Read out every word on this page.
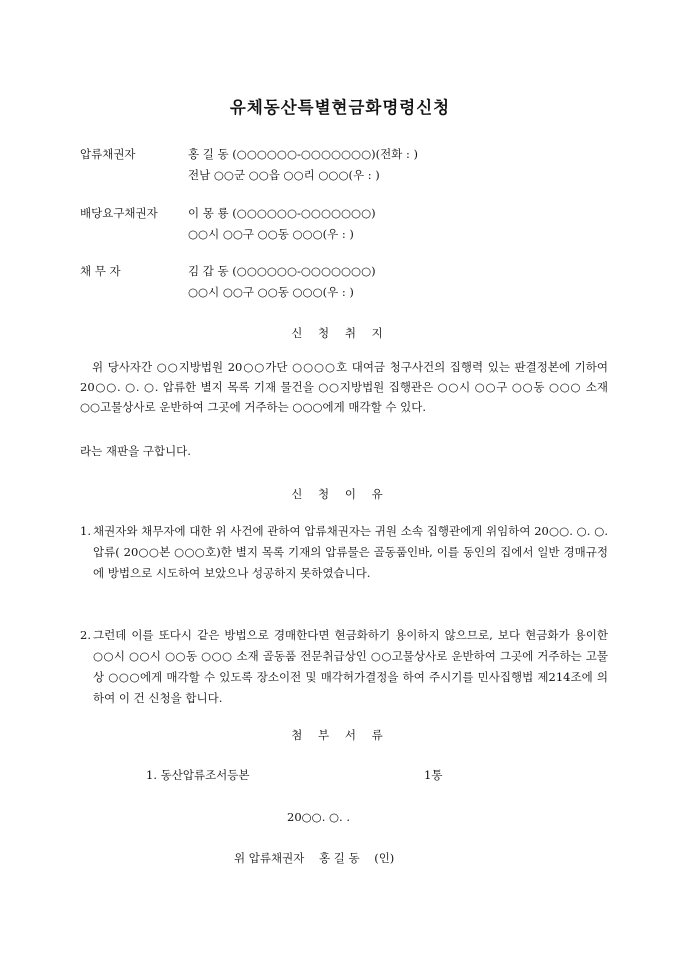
유체동산특별현금화명령신청
압류채권자	홍 길 동 (○○○○○○-○○○○○○○)(전화 : )
전남 ○○군 ○○읍 ○○리 ○○○(우 : )
배당요구채권자	이 몽 룡 (○○○○○○-○○○○○○○)
○○시 ○○구 ○○동 ○○○(우 : )
채 무 자	김 갑 동 (○○○○○○-○○○○○○○)
○○시 ○○구 ○○동 ○○○(우 : )
신 청 취 지
위 당사자간 ○○지방법원 20○○가단 ○○○○호 대여금 청구사건의 집행력 있는 판결정본에 기하여 20○○. ○. ○. 압류한 별지 목록 기재 물건을 ○○지방법원 집행관은 ○○시 ○○구 ○○동 ○○○ 소재 ○○고물상사로 운반하여 그곳에 거주하는 ○○○에게 매각할 수 있다.
라는 재판을 구합니다.
신 청 이 유
1. 채권자와 채무자에 대한 위 사건에 관하여 압류채권자는 귀원 소속 집행관에게 위임하여 20○○. ○. ○. 압류( 20○○본 ○○○호)한 별지 목록 기재의 압류물은 골동품인바, 이를 동인의 집에서 일반 경매규정에 방법으로 시도하여 보았으나 성공하지 못하였습니다.
2. 그런데 이를 또다시 같은 방법으로 경매한다면 현금화하기 용이하지 않으므로, 보다 현금화가 용이한 ○○시 ○○시 ○○동 ○○○ 소재 골동품 전문취급상인 ○○고물상사로 운반하여 그곳에 거주하는 고물상 ○○○에게 매각할 수 있도록 장소이전 및 매각허가결정을 하여 주시기를 민사집행법 제214조에 의하여 이 건 신청을 합니다.
첨 부 서 류
1. 동산압류조서등본	1통
20○○. ○. .
위 압류채권자 홍 길 동 (인)
